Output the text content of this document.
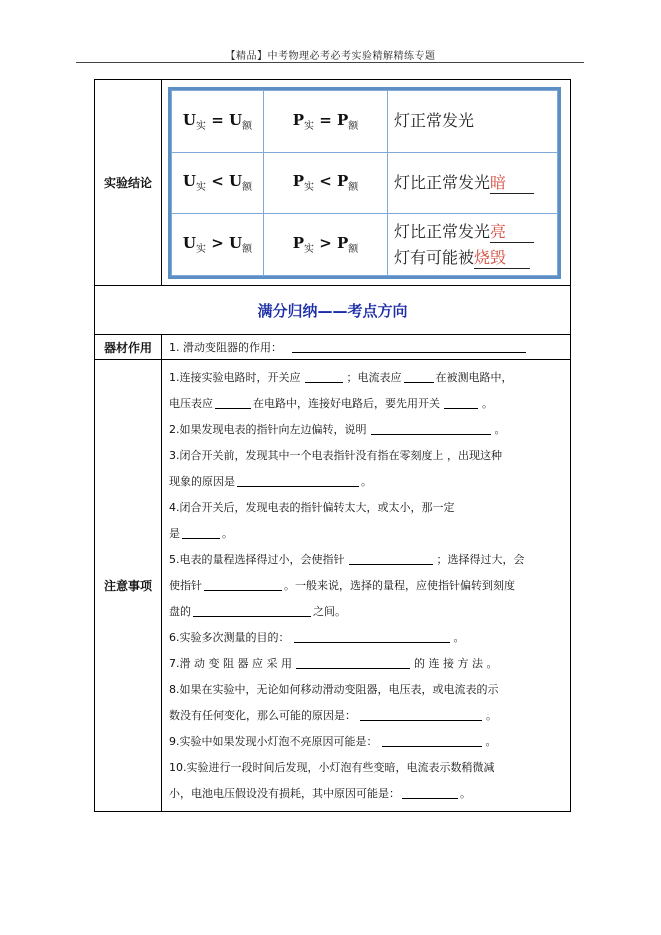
【精品】中考物理必考必考实验精解精练专题
实验结论	
$U_实 = U_额$	$P_实 = P_额$	灯正常发光
$U_实 < U_额$	$P_实 < P_额$	灯比正常发光暗
$U_实 > U_额$	$P_实 > P_额$	灯比正常发光亮
灯有可能被烧毁

满分归纳——考点方向
器材作用	1. 滑动变阻器的作用：
注意事项	
1.连接实验电路时，开关应	；电流表应	在被测电路中，
电压表应	在电路中，连接好电路后，要先用开关	。
2.如果发现电表的指针向左边偏转，说明	。
3.闭合开关前，发现其中一个电表指针没有指在零刻度上 ，出现这种
现象的原因是	。
4.闭合开关后，发现电表的指针偏转太大，或太小，那一定
是	。
5.电表的量程选择得过小，会使指针	；选择得过大，会
使指针	。一般来说，选择的量程，应使指针偏转到刻度
盘的	之间。
6.实验多次测量的目的：	。
7.滑 动 变 阻 器 应 采 用	的 连 接 方 法 。
8.如果在实验中，无论如何移动滑动变阻器，电压表，或电流表的示
数没有任何变化，那么可能的原因是：	。
9.实验中如果发现小灯泡不亮原因可能是：	。
10.实验进行一段时间后发现，小灯泡有些变暗，电流表示数稍微减
小，电池电压假设没有损耗，其中原因可能是：	。
